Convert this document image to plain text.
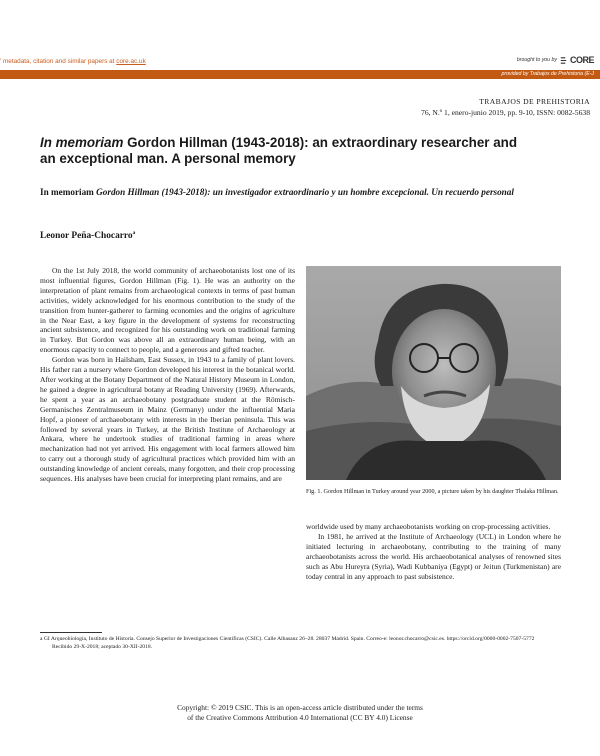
’ metadata, citation and similar papers at core.ac.uk	brought to you by CORE
provided by Trabajos de Prehistoria (E-J
TRABAJOS DE PREHISTORIA
76, N.º 1, enero-junio 2019, pp. 9-10, ISSN: 0082-5638
In memoriam Gordon Hillman (1943-2018): an extraordinary researcher and an exceptional man. A personal memory
In memoriam Gordon Hillman (1943-2018): un investigador extraordinario y un hombre excepcional. Un recuerdo personal
Leonor Peña-Chocarro$^a$

On the 1st July 2018, the world community of archaeobotanists lost one of its most influential figures, Gordon Hillman (Fig. 1). He was an authority on the interpretation of plant remains from archaeological contexts in terms of past human activities, widely acknowledged for his enormous contribution to the study of the transition from hunter-gatherer to farming economies and the origins of agriculture in the Near East, a key figure in the development of systems for reconstructing ancient subsistence, and recognized for his outstanding work on traditional farming in Turkey. But Gordon was above all an extraordinary human being, with an enormous capacity to connect to people, and a generous and gifted teacher.

Gordon was born in Hailsham, East Sussex, in 1943 to a family of plant lovers. His father ran a nursery where Gordon developed his interest in the botanical world. After working at the Botany Department of the Natural History Museum in London, he gained a degree in agricultural botany at Reading University (1969). Afterwards, he spent a year as an archaeobotany postgraduate student at the Römisch-Germanisches Zentralmuseum in Mainz (Germany) under the influential Maria Hopf, a pioneer of archaeobotany with interests in the Iberian peninsula. This was followed by several years in Turkey, at the British Institute of Archaeology at Ankara, where he undertook studies of traditional farming in areas where mechanization had not yet arrived. His engagement with local farmers allowed him to carry out a thorough study of agricultural practices which provided him with an outstanding knowledge of ancient cereals, many forgotten, and their crop processing sequences. His analyses have been crucial for interpreting plant remains, and are

Fig. 1. Gordon Hillman in Turkey around year 2000, a picture taken by his daughter Thalaka Hillman.

worldwide used by many archaeobotanists working on crop-processing activities.

In 1981, he arrived at the Institute of Archaeology (UCL) in London where he initiated lecturing in archaeobotany, contributing to the training of many archaeobotanists across the world. His archaeobotanical analyses of renowned sites such as Abu Hureyra (Syria), Wadi Kubbaniya (Egypt) or Jeitun (Turkmenistan) are today central in any approach to past subsistence.

a GI Arqueobiología, Instituto de Historia. Consejo Superior de Investigaciones Científicas (CSIC). Calle Albasanz 26–28. 28037 Madrid. Spain. Correo-e: leonor.chocarro@csic.es. https://orcid.org/0000-0002-7507-5772
Recibido 29-X-2018; aceptado 30-XII-2018.
Copyright: © 2019 CSIC. This is an open-access article distributed under the terms
of the Creative Commons Attribution 4.0 International (CC BY 4.0) License
